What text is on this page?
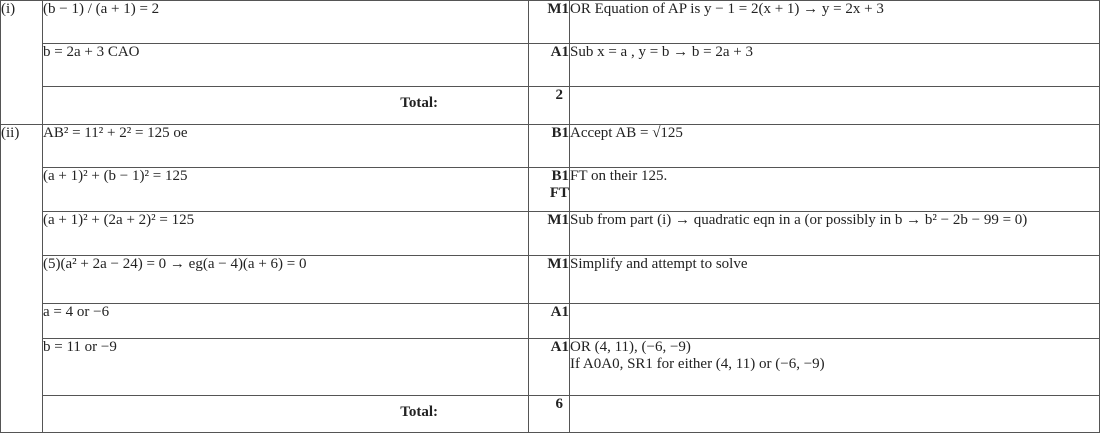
(i)	(b − 1) / (a + 1) = 2	M1	OR Equation of AP is y − 1 = 2(x + 1) → y = 2x + 3
	b = 2a + 3 CAO	A1	Sub x = a , y = b → b = 2a + 3
	Total:	2	
(ii)	AB² = 11² + 2² = 125 oe	B1	Accept AB = √125
	(a + 1)² + (b − 1)² = 125	B1 FT	FT on their 125.
	(a + 1)² + (2a + 2)² = 125	M1	Sub from part (i) → quadratic eqn in a (or possibly in b → b² − 2b − 99 = 0)
	(5)(a² + 2a − 24) = 0 → eg(a − 4)(a + 6) = 0	M1	Simplify and attempt to solve
	a = 4 or −6	A1	
	b = 11 or −9	A1	OR (4, 11), (−6, −9)
If A0A0, SR1 for either (4, 11) or (−6, −9)

	Total:	6	
